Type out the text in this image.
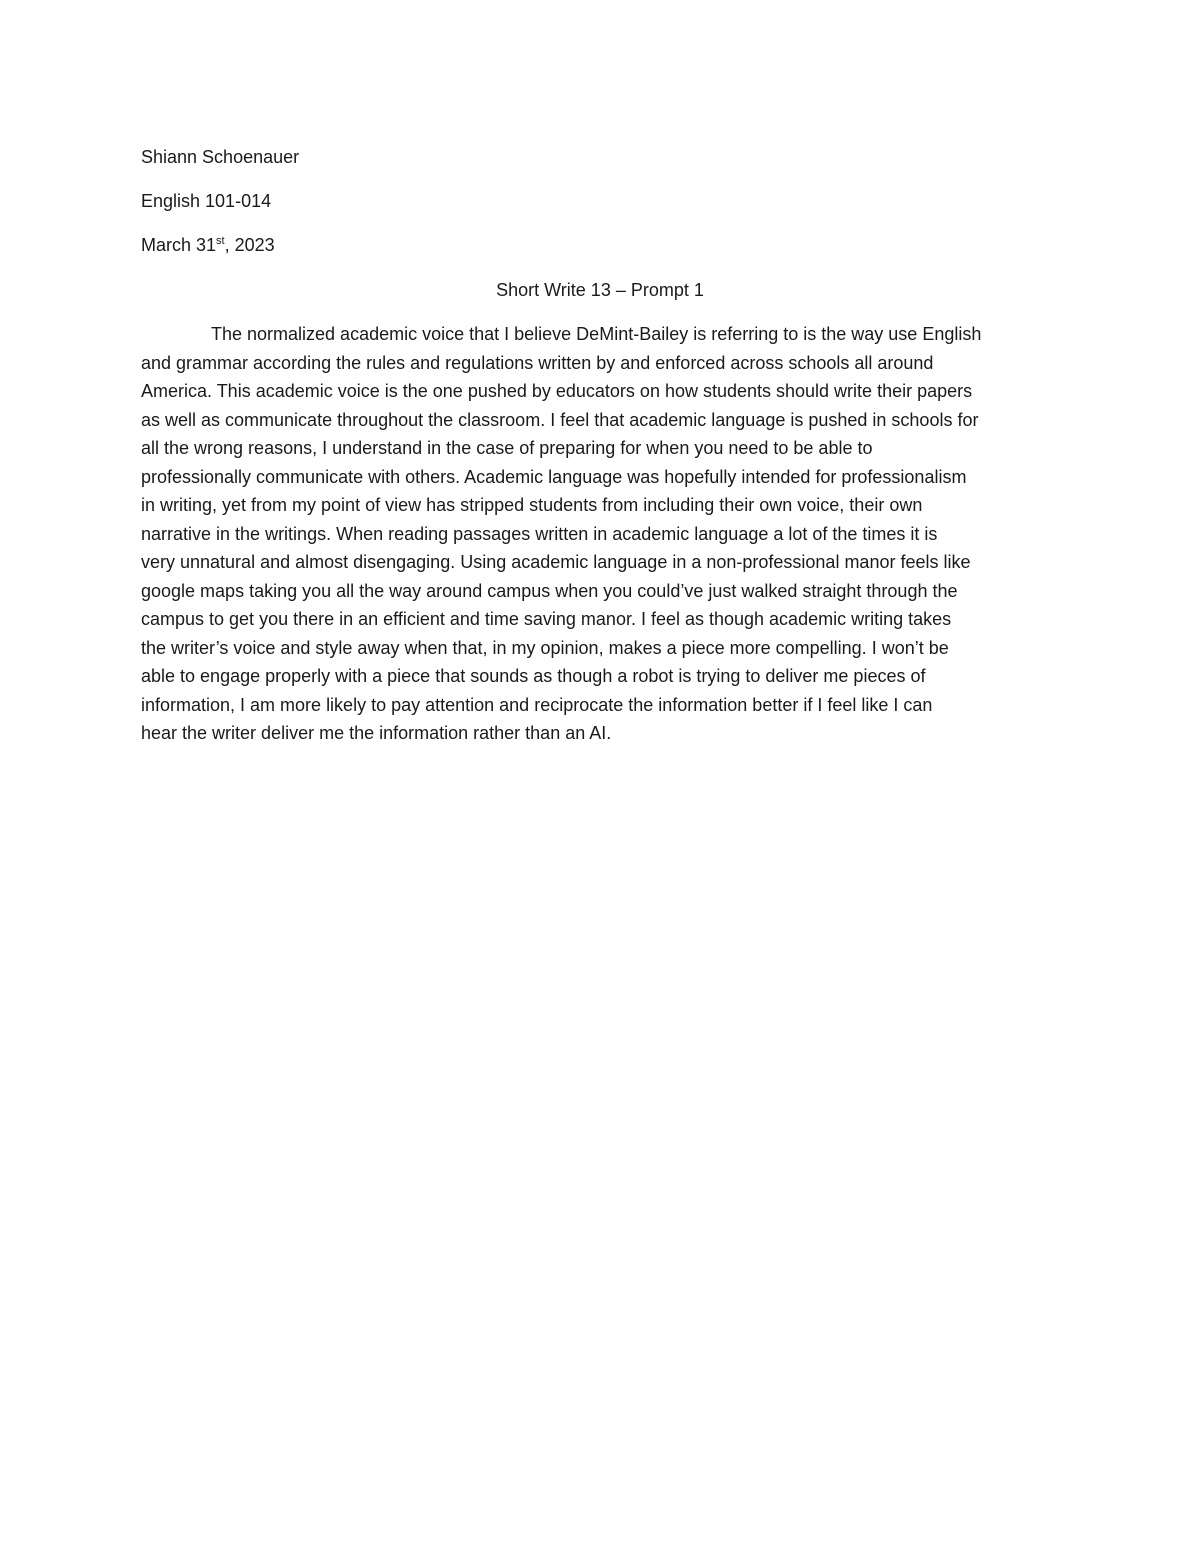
Shiann Schoenauer
English 101-014
March 31st, 2023
Short Write 13 – Prompt 1
The normalized academic voice that I believe DeMint-Bailey is referring to is the way use English
and grammar according the rules and regulations written by and enforced across schools all around
America. This academic voice is the one pushed by educators on how students should write their papers
as well as communicate throughout the classroom. I feel that academic language is pushed in schools for
all the wrong reasons, I understand in the case of preparing for when you need to be able to
professionally communicate with others. Academic language was hopefully intended for professionalism
in writing, yet from my point of view has stripped students from including their own voice, their own
narrative in the writings. When reading passages written in academic language a lot of the times it is
very unnatural and almost disengaging. Using academic language in a non-professional manor feels like
google maps taking you all the way around campus when you could’ve just walked straight through the
campus to get you there in an efficient and time saving manor. I feel as though academic writing takes
the writer’s voice and style away when that, in my opinion, makes a piece more compelling. I won’t be
able to engage properly with a piece that sounds as though a robot is trying to deliver me pieces of
information, I am more likely to pay attention and reciprocate the information better if I feel like I can
hear the writer deliver me the information rather than an AI.
